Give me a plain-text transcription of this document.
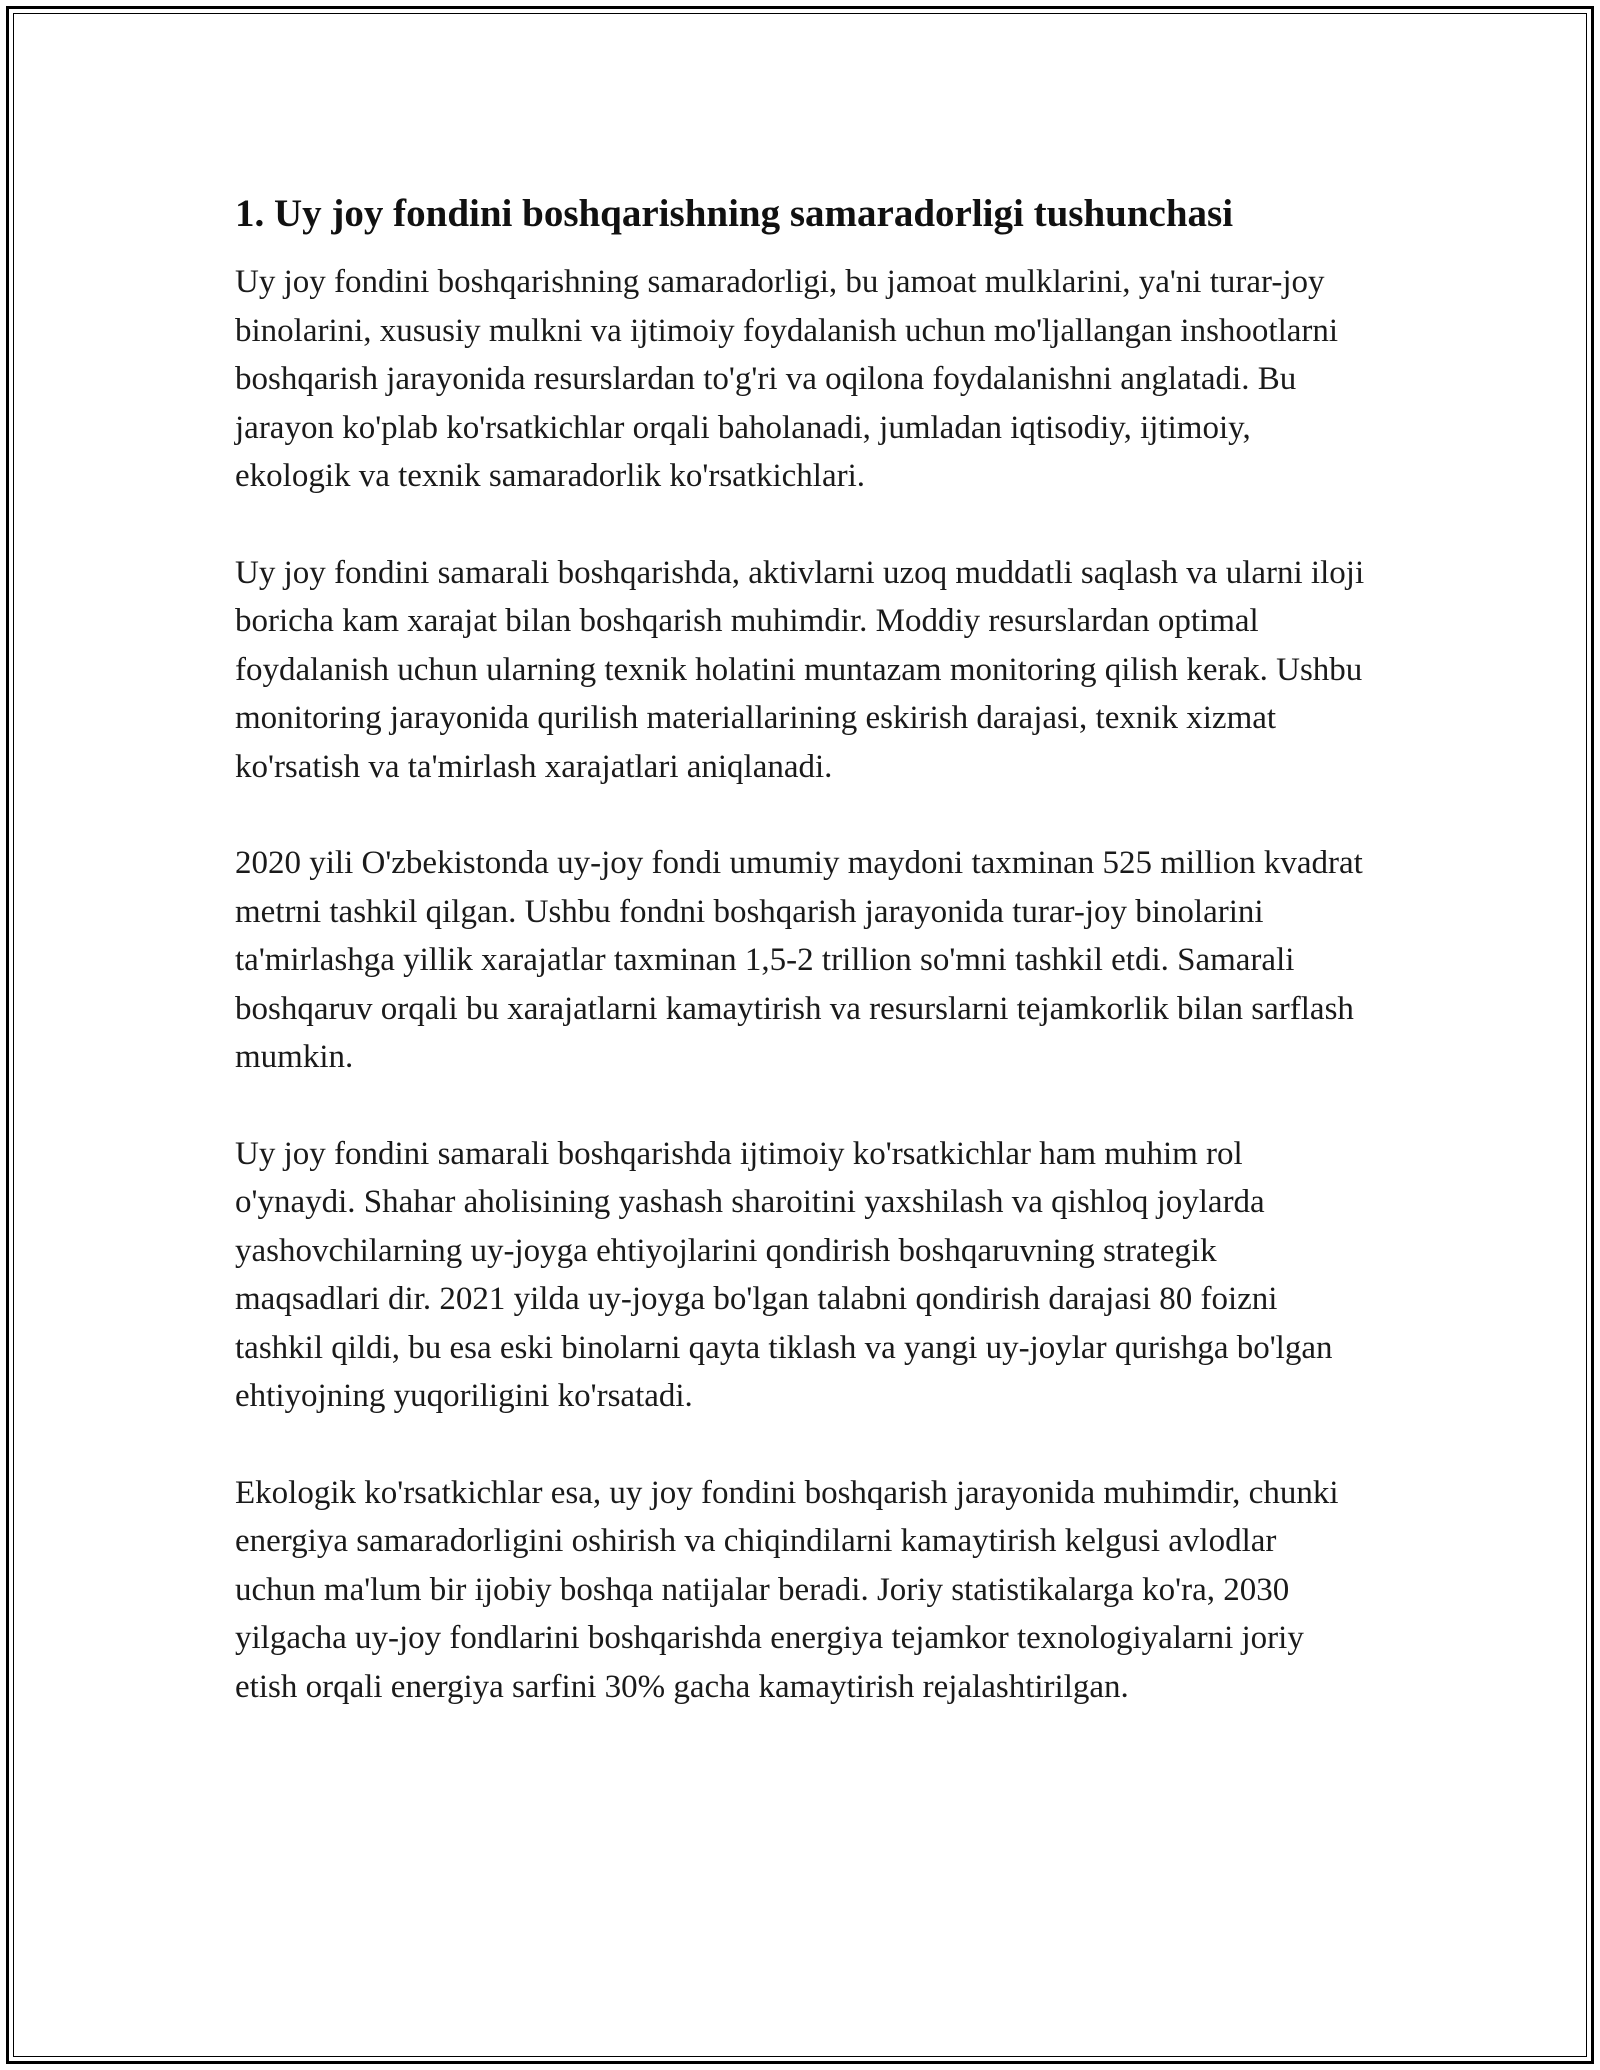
1. Uy joy fondini boshqarishning samaradorligi tushunchasi

Uy joy fondini boshqarishning samaradorligi, bu jamoat mulklarini, ya'ni turar-joy binolarini, xususiy mulkni va ijtimoiy foydalanish uchun mo'ljallangan inshootlarni boshqarish jarayonida resurslardan to'g'ri va oqilona foydalanishni anglatadi. Bu jarayon ko'plab ko'rsatkichlar orqali baholanadi, jumladan iqtisodiy, ijtimoiy, ekologik va texnik samaradorlik ko'rsatkichlari.

Uy joy fondini samarali boshqarishda, aktivlarni uzoq muddatli saqlash va ularni iloji boricha kam xarajat bilan boshqarish muhimdir. Moddiy resurslardan optimal foydalanish uchun ularning texnik holatini muntazam monitoring qilish kerak. Ushbu monitoring jarayonida qurilish materiallarining eskirish darajasi, texnik xizmat ko'rsatish va ta'mirlash xarajatlari aniqlanadi.

2020 yili O'zbekistonda uy-joy fondi umumiy maydoni taxminan 525 million kvadrat metrni tashkil qilgan. Ushbu fondni boshqarish jarayonida turar-joy binolarini ta'mirlashga yillik xarajatlar taxminan 1,5-2 trillion so'mni tashkil etdi. Samarali boshqaruv orqali bu xarajatlarni kamaytirish va resurslarni tejamkorlik bilan sarflash mumkin.

Uy joy fondini samarali boshqarishda ijtimoiy ko'rsatkichlar ham muhim rol o'ynaydi. Shahar aholisining yashash sharoitini yaxshilash va qishloq joylarda yashovchilarning uy-joyga ehtiyojlarini qondirish boshqaruvning strategik maqsadlari dir. 2021 yilda uy-joyga bo'lgan talabni qondirish darajasi 80 foizni tashkil qildi, bu esa eski binolarni qayta tiklash va yangi uy-joylar qurishga bo'lgan ehtiyojning yuqoriligini ko'rsatadi.

Ekologik ko'rsatkichlar esa, uy joy fondini boshqarish jarayonida muhimdir, chunki energiya samaradorligini oshirish va chiqindilarni kamaytirish kelgusi avlodlar uchun ma'lum bir ijobiy boshqa natijalar beradi. Joriy statistikalarga ko'ra, 2030 yilgacha uy-joy fondlarini boshqarishda energiya tejamkor texnologiyalarni joriy etish orqali energiya sarfini 30% gacha kamaytirish rejalashtirilgan.
